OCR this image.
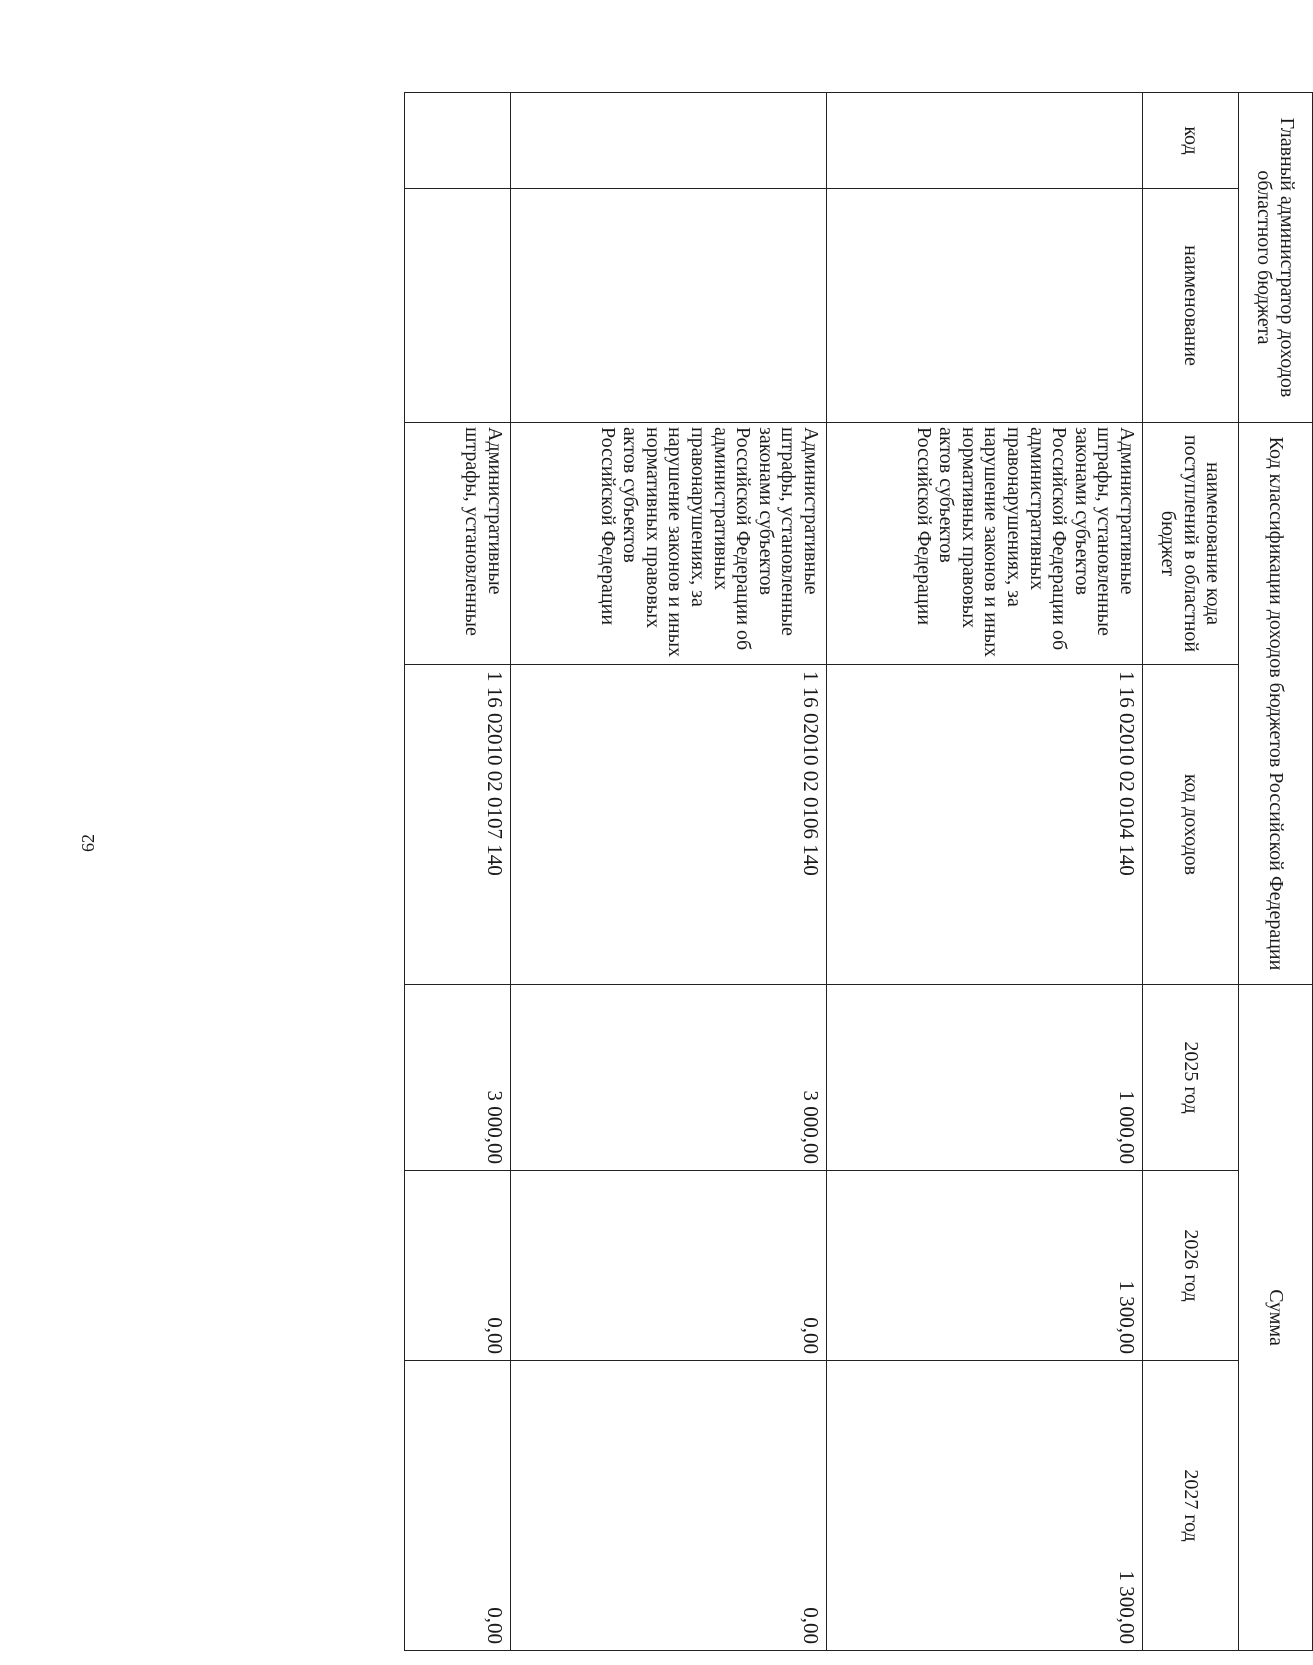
62
Главный администратор доходов областного бюджета		Код классификации доходов бюджетов Российской Федерации		Сумма		
код	наименование	наименование кода поступлений в областной бюджет	код доходов	2025 год	2026 год	2027 год
		Административные штрафы, установленные законами субъектов Российской Федерации об административных правонарушениях, за нарушение законов и иных нормативных правовых актов субъектов Российской Федерации	1 16 02010 02 0104 140	1 000,00	1 300,00	1 300,00
		Административные штрафы, установленные законами субъектов Российской Федерации об административных правонарушениях, за нарушение законов и иных нормативных правовых актов субъектов Российской Федерации	1 16 02010 02 0106 140	3 000,00	0,00	0,00
		Административные штрафы, установленные	1 16 02010 02 0107 140	3 000,00	0,00	0,00
